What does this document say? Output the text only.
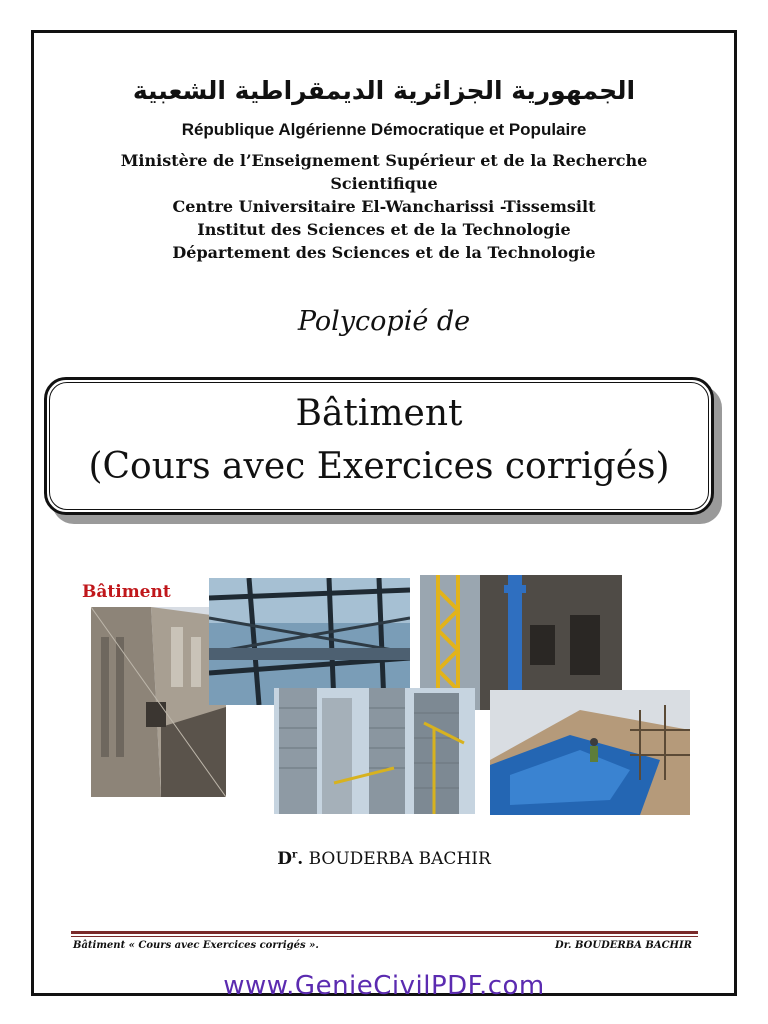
الجمهورية الجزائرية الديمقراطية الشعبية
République Algérienne Démocratique et Populaire
Ministère de l’Enseignement Supérieur et de la Recherche
Scientifique
Centre Universitaire El-Wancharissi -Tissemsilt
Institut des Sciences et de la Technologie
Département des Sciences et de la Technologie
Polycopié de
Bâtiment
(Cours avec Exercices corrigés)
Bâtiment
$D^r$. BOUDERBA BACHIR
Bâtiment « Cours avec Exercices corrigés ».	Dr. BOUDERBA BACHIR
www.GenieCivilPDF.com
